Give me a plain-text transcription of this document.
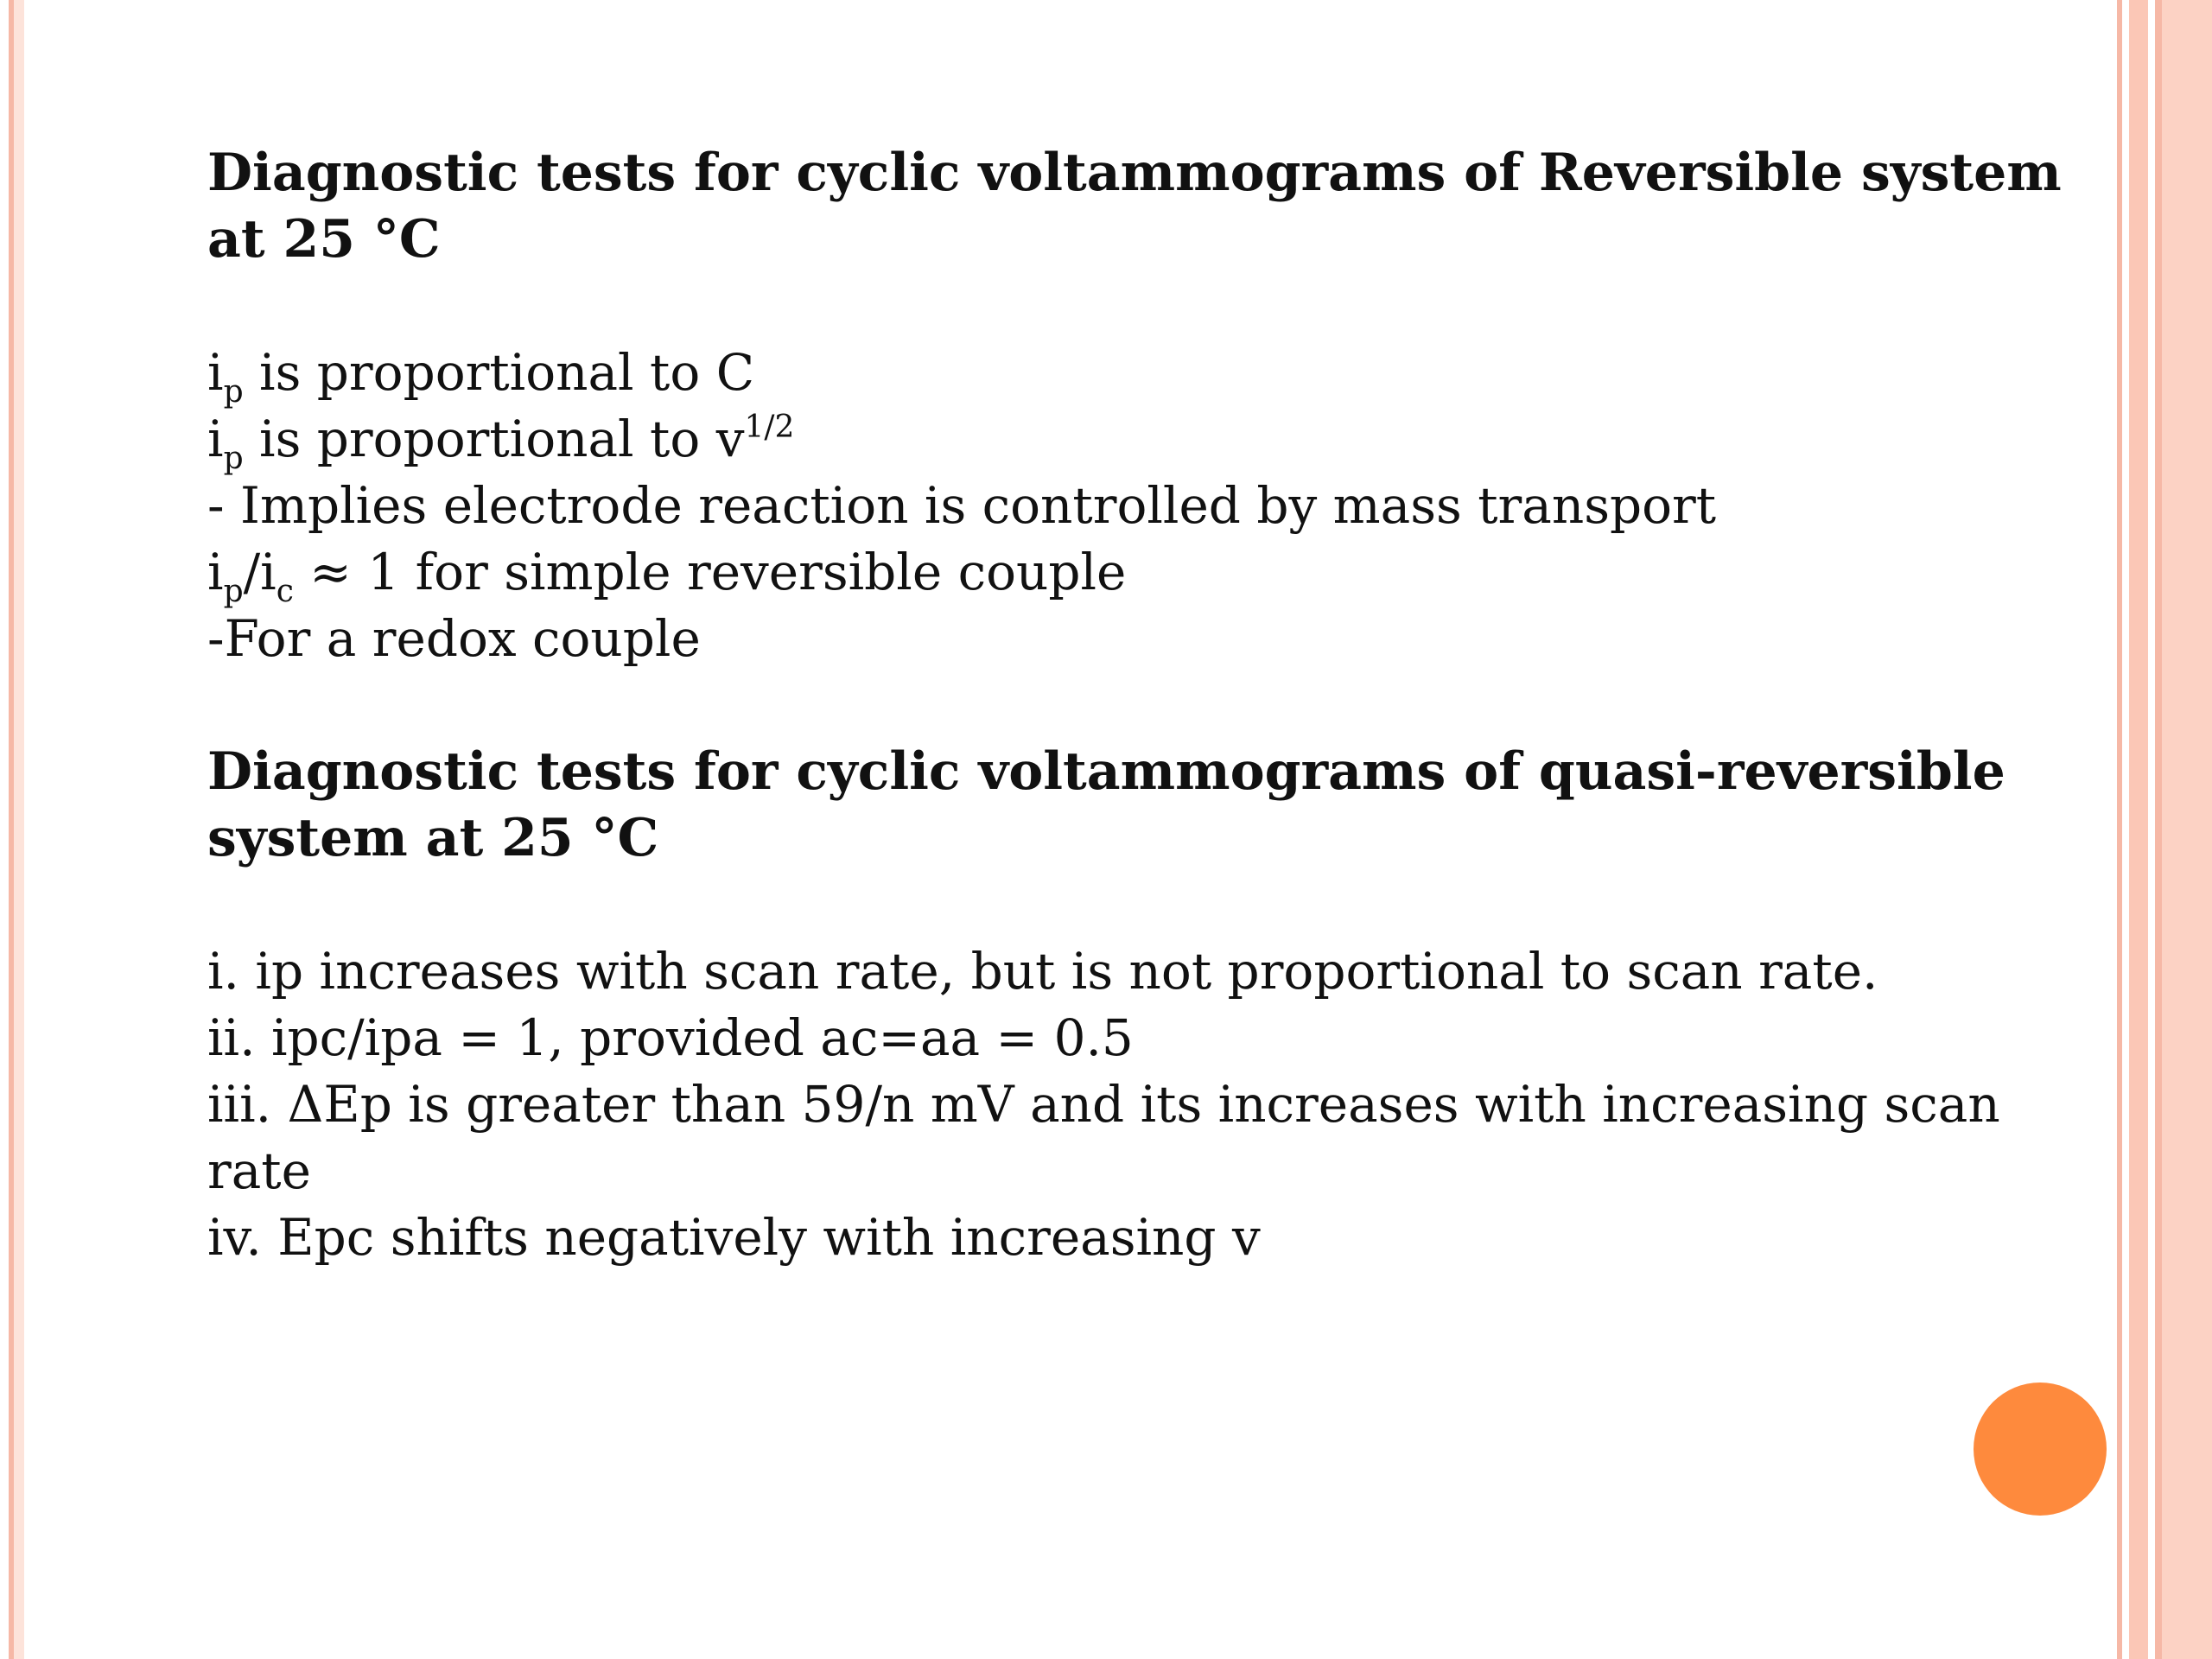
Diagnostic tests for cyclic voltammograms of Reversible system at 25 °C

$i_p$ is proportional to C

$i_p$ is proportional to $v^{1/2}$

- Implies electrode reaction is controlled by mass transport

$i_p/i_c \approx 1$ for simple reversible couple

-For a redox couple

Diagnostic tests for cyclic voltammograms of quasi-reversible system at 25 °C

i. ip increases with scan rate, but is not proportional to scan rate.

ii. ipc/ipa = 1, provided ac=aa = 0.5

iii. ΔEp is greater than 59/n mV and its increases with increasing scan rate

iv. Epc shifts negatively with increasing v
